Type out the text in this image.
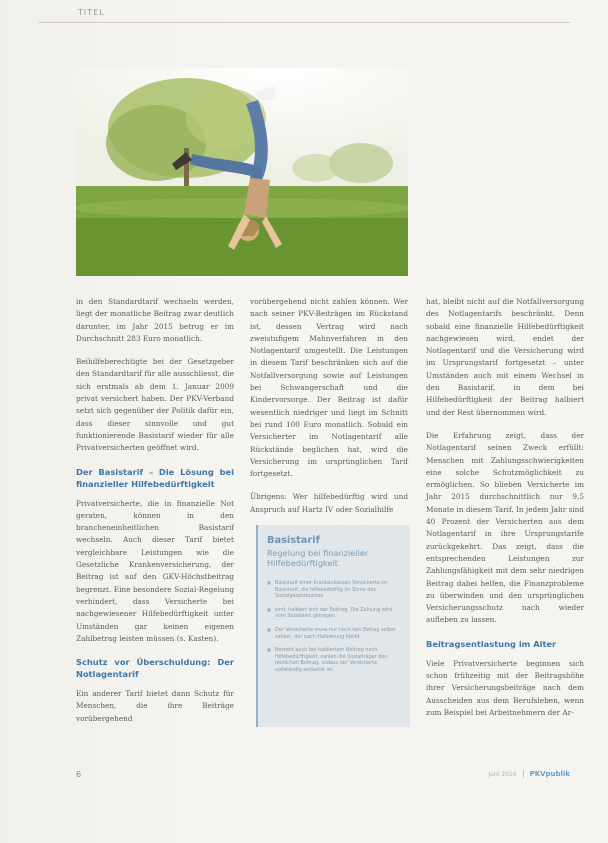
TITEL

in den Standardtarif wechseln werden, liegt der monatliche Beitrag zwar deutlich darunter, im Jahr 2015 betrug er im Durchschnitt 283 Euro monatlich.

Beihilfeberechtigte bei der Gesetzgeber den Standardtarif für alle ausschliesst, die sich erstmals ab dem 1. Januar 2009 privat versichert haben. Der PKV-Verband setzt sich gegenüber der Politik dafür ein, dass dieser sinnvolle und gut funktionierende Basistarif wieder für alle Privatversicherten geöffnet wird.

Der Basistarif – Die Lösung bei finanzieller Hilfebedürftigkeit

Privatversicherte, die in finanzielle Not geraten, können in den brancheneinheitlichen Basistarif wechseln. Auch dieser Tarif bietet vergleichbare Leistungen wie die Gesetzliche Krankenversicherung, der Beitrag ist auf den GKV-Höchstbeitrag begrenzt. Eine besondere Sozial-Regelung verhindert, dass Versicherte bei nachgewiesener Hilfebedürftigkeit unter Umständen gar keinen eigenen Zahlbetrag leisten müssen (s. Kasten).

Schutz vor Überschuldung: Der Notlagentarif

Ein anderer Tarif bietet dann Schutz für Menschen, die ihre Beiträge vorübergehend

vorübergehend nicht zahlen können. Wer nach seiner PKV-Beiträgen im Rückstand ist, dessen Vertrag wird nach zweistufigem Mahnverfahren in den Notlagentarif umgestellt. Die Leistungen in diesem Tarif beschränken sich auf die Notfallversorgung sowie auf Leistungen bei Schwangerschaft und die Kindervorsorge. Der Beitrag ist dafür wesentlich niedriger und liegt im Schnitt bei rund 100 Euro monatlich. Sobald ein Versicherter im Notlagentarif alle Rückstände beglichen hat, wird die Versicherung im ursprünglichen Tarif fortgesetzt.

Übrigens: Wer hilfebedürftig wird und Anspruch auf Hartz IV oder Sozialhilfe

Basistarif
Regelung bei finanzieller Hilfebedürftigkeit
■ Basistarif einer Krankenkassen Versicherte im Basistarif, die hilfebedürftig im Sinne des Sozialgesetzbuches
■ sind, halbiert sich der Beitrag. Die Zahlung wird vom Sozialamt getragen.
■ Der Versicherte muss nur noch den Betrag selbst zahlen, der nach Halbierung bleibt.
■ Besteht auch bei halbiertem Beitrag noch Hilfebedürftigkeit, zahlen die Sozialträger den restlichen Beitrag, sodass der Versicherte vollständig entlastet ist.

hat, bleibt nicht auf die Notfallversorgung des Notlagentarifs beschränkt. Denn sobald eine finanzielle Hilfebedürftigkeit nachgewiesen wird, endet der Notlagentarif und die Versicherung wird im Ursprungstarif fortgesetzt – unter Umständen auch mit einem Wechsel in den Basistarif, in dem bei Hilfebedürftigkeit der Beitrag halbiert und der Rest übernommen wird.

Die Erfahrung zeigt, dass der Notlagentarif seinen Zweck erfüllt: Menschen mit Zahlungsschwierigkeiten eine solche Schutzmöglichkeit zu ermöglichen. So blieben Versicherte im Jahr 2015 durchschnittlich nur 9,5 Monate in diesem Tarif. In jedem Jahr sind 40 Prozent der Versicherten aus dem Notlagentarif in ihre Ursprungstarife zurückgekehrt. Das zeigt, dass die entsprechenden Leistungen zur Zahlungsfähigkeit mit dem sehr niedrigen Beitrag dabei helfen, die Finanzprobleme zu überwinden und den ursprünglichen Versicherungsschutz nach wieder aufleben zu lassen.

Beitragsentlastung im Alter

Viele Privatversicherte beginnen sich schon frühzeitig mit der Beitragshöhe ihrer Versicherungsbeiträge nach dem Ausscheiden aus dem Berufsleben, wenn zum Beispiel bei Arbeitnehmern der Ar-

6	Juni 2016 PKVpublik
